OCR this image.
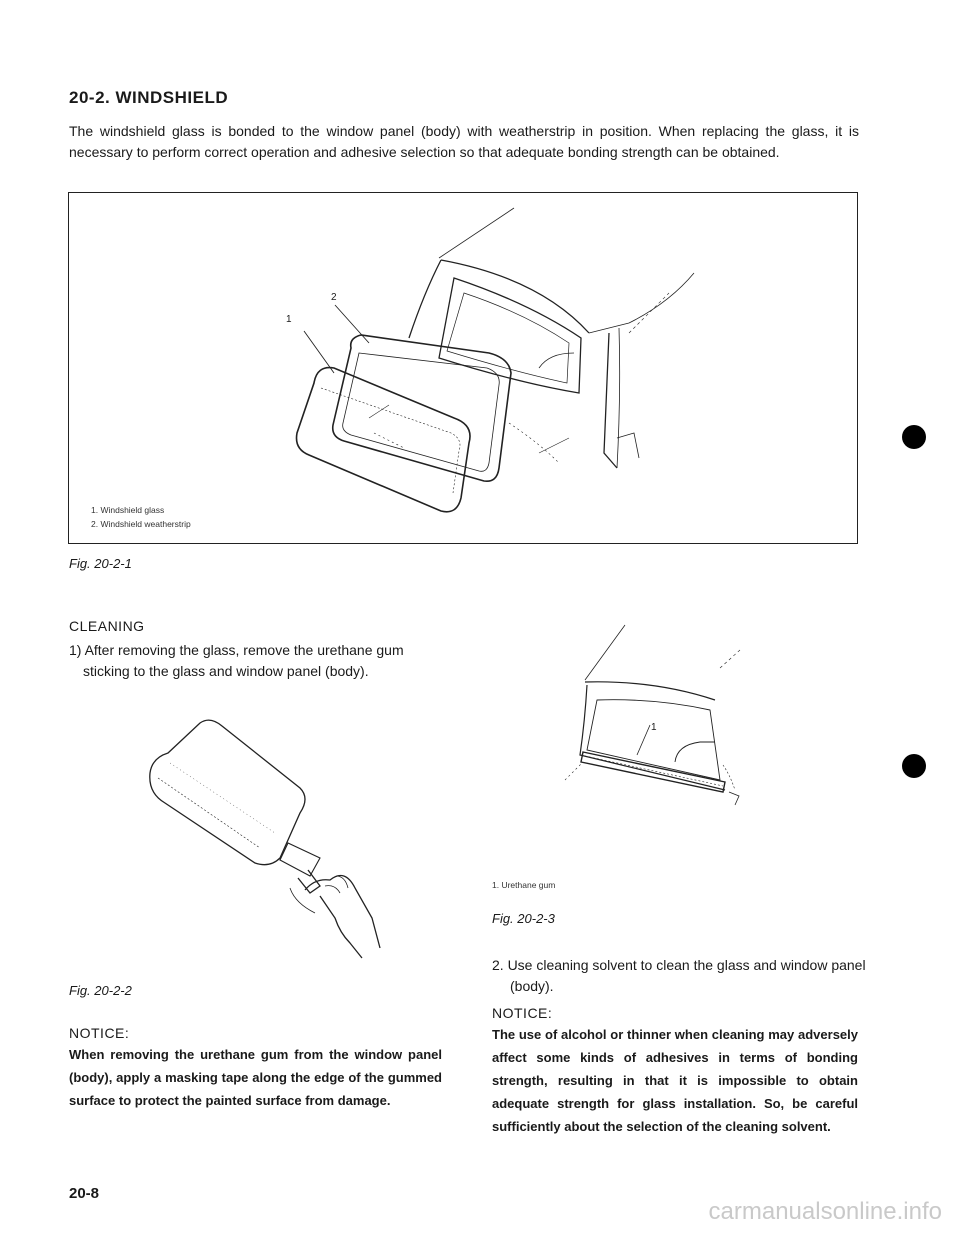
20-2. WINDSHIELD
The windshield glass is bonded to the window panel (body) with weatherstrip in position. When replacing the glass, it is necessary to perform correct operation and adhesive selection so that adequate bonding strength can be obtained.
1
2
1. Windshield glass
2. Windshield weatherstrip
Fig. 20-2-1
CLEANING
1) After removing the glass, remove the urethane gum sticking to the glass and window panel (body).
Fig. 20-2-2
NOTICE:
When removing the urethane gum from the window panel (body), apply a masking tape along the edge of the gummed surface to protect the painted surface from damage.
1
1. Urethane gum
Fig. 20-2-3
2. Use cleaning solvent to clean the glass and window panel (body).
NOTICE:
The use of alcohol or thinner when cleaning may adversely affect some kinds of adhesives in terms of bonding strength, resulting in that it is impossible to obtain adequate strength for glass installation. So, be careful sufficiently about the selection of the cleaning solvent.
20-8
carmanualsonline.info
